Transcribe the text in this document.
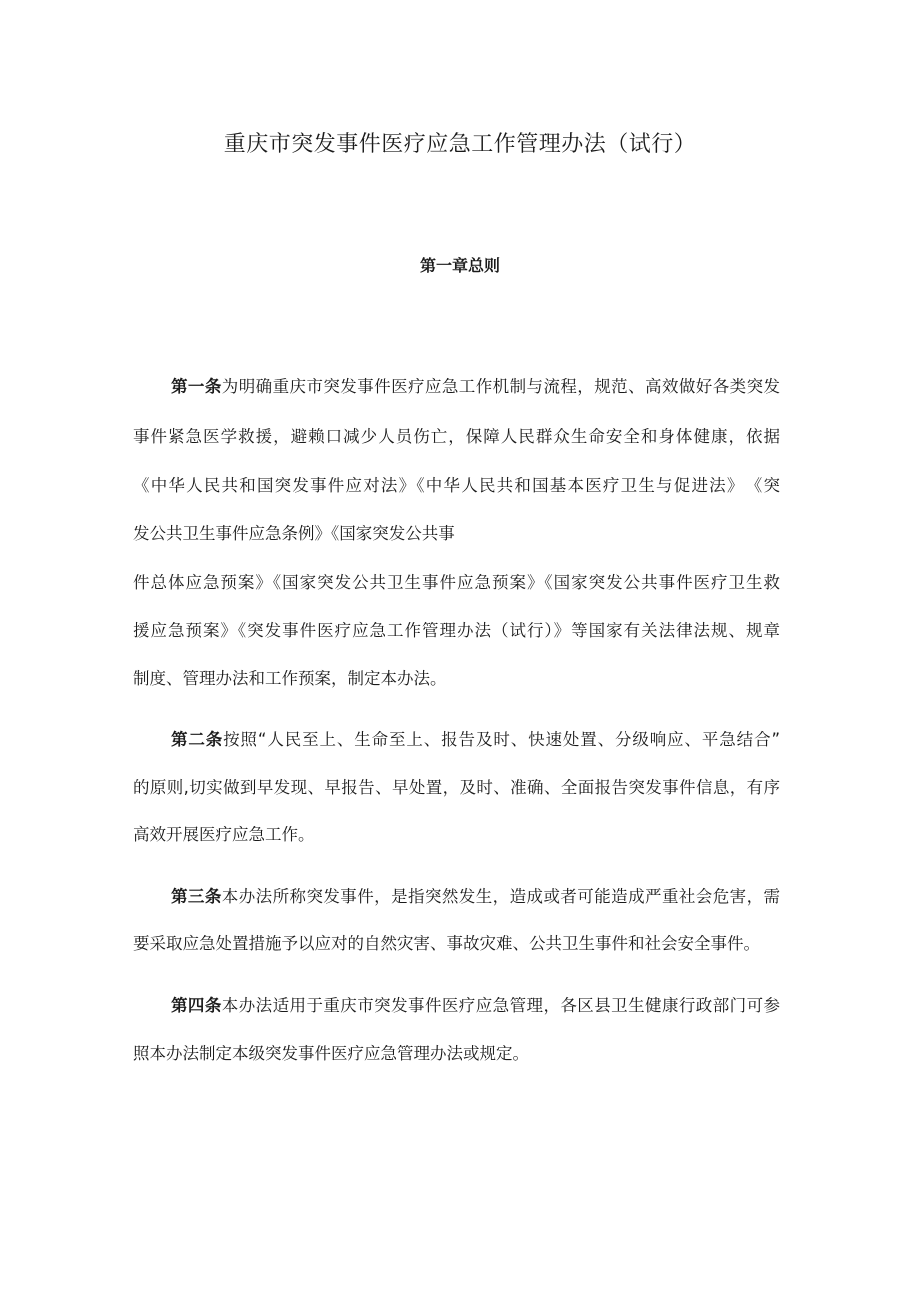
重庆市突发事件医疗应急工作管理办法（试行）
第一章总则

第一条为明确重庆市突发事件医疗应急工作机制与流程，规范、高效做好各类突发

事件紧急医学救援，避赖口减少人员伤亡，保障人民群众生命安全和身体健康，依据

《中华人民共和国突发事件应对法》《中华人民共和国基本医疗卫生与促进法》　《突

发公共卫生事件应急条例》《国家突发公共事

件总体应急预案》《国家突发公共卫生事件应急预案》《国家突发公共事件医疗卫生救

援应急预案》《突发事件医疗应急工作管理办法（试行）》等国家有关法律法规、规章

制度、管理办法和工作预案，制定本办法。

第二条按照“人民至上、生命至上、报告及时、快速处置、分级响应、平急结合”

的原则,切实做到早发现、早报告、早处置，及时、准确、全面报告突发事件信息，有序

高效开展医疗应急工作。

第三条本办法所称突发事件，是指突然发生，造成或者可能造成严重社会危害，需

要采取应急处置措施予以应对的自然灾害、事故灾难、公共卫生事件和社会安全事件。

第四条本办法适用于重庆市突发事件医疗应急管理，各区县卫生健康行政部门可参

照本办法制定本级突发事件医疗应急管理办法或规定。
